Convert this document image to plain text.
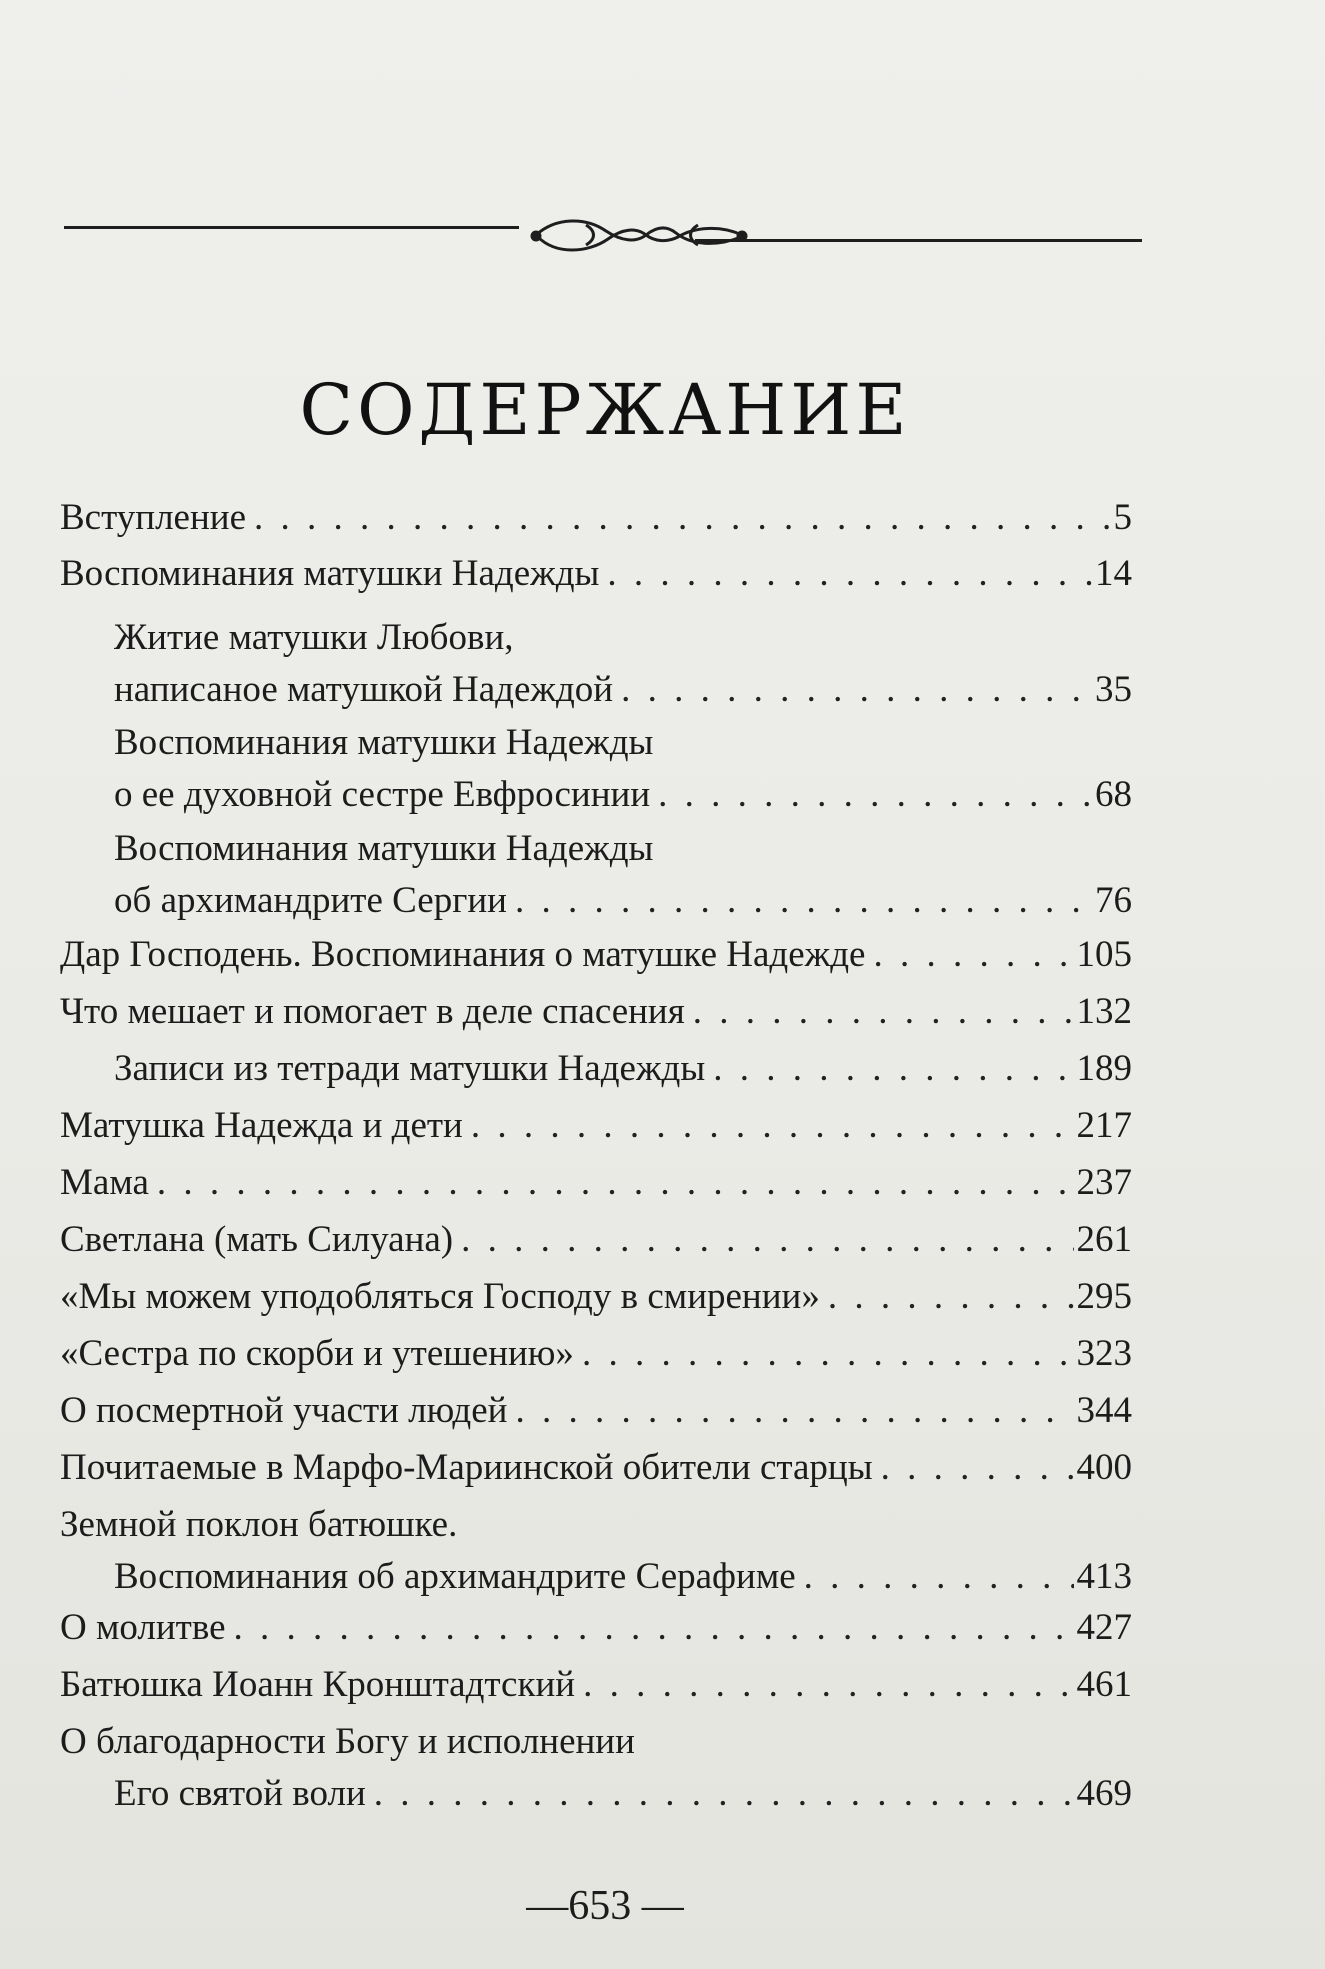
СОДЕРЖАНИЕ
Вступление . . .	5
Воспоминания матушки Надежды . . .	14
Житие матушки Любови,
написаное матушкой Надеждой . . .	35
Воспоминания матушки Надежды
о ее духовной сестре Евфросинии . . .	68
Воспоминания матушки Надежды
об архимандрите Сергии . . .	76
Дар Господень. Воспоминания о матушке Надежде . . .	105
Что мешает и помогает в деле спасения . . .	132
Записи из тетради матушки Надежды . . .	189
Матушка Надежда и дети . . .	217
Мама . . .	237
Светлана (мать Силуана) . . .	261
«Мы можем уподобляться Господу в смирении» . . .	295
«Сестра по скорби и утешению» . . .	323
О посмертной участи людей . . .	344
Почитаемые в Марфо-Мариинской обители старцы . . .	400
Земной поклон батюшке.
Воспоминания об архимандрите Серафиме . . .	413
О молитве . . .	427
Батюшка Иоанн Кронштадтский . . .	461
О благодарности Богу и исполнении
Его святой воли . . .	469
—653 —
